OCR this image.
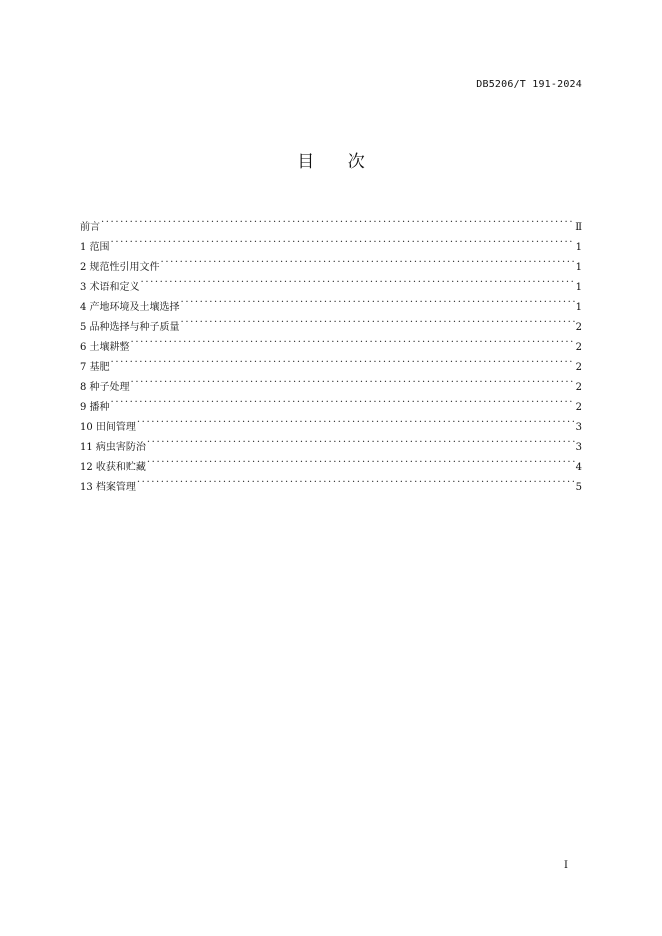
DB5206/T 191-2024
目 次
前言 .....	Ⅱ
1 范围 .....	1
2 规范性引用文件 .....	1
3 术语和定义 .....	1
4 产地环境及土壤选择 .....	1
5 品种选择与种子质量 .....	2
6 土壤耕整 .....	2
7 基肥 .....	2
8 种子处理 .....	2
9 播种 .....	2
10 田间管理 .....	3
11 病虫害防治 .....	3
12 收获和贮藏 .....	4
13 档案管理 .....	5
I
